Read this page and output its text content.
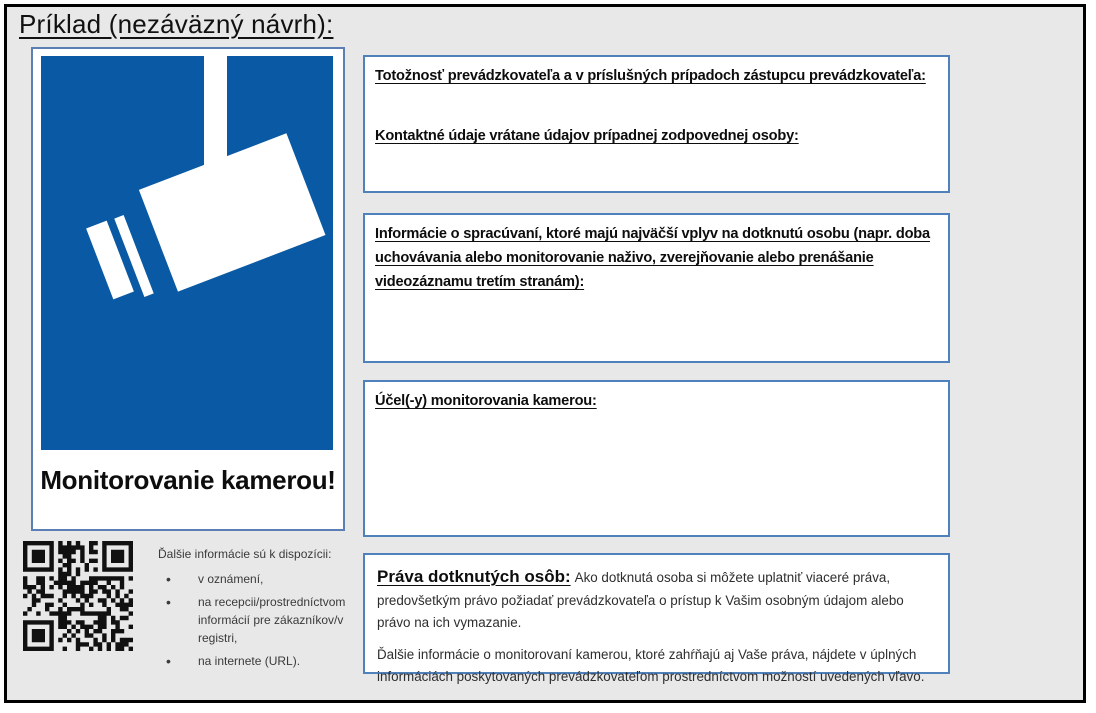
Príklad (nezáväzný návrh):
Monitorovanie kamerou!
Ďalšie informácie sú k dispozícii:
• v oznámení,
• na recepcii/prostredníctvom informácií pre zákazníkov/v registri,
• na internete (URL).
Totožnosť prevádzkovateľa a v príslušných prípadoch zástupcu prevádzkovateľa:
Kontaktné údaje vrátane údajov prípadnej zodpovednej osoby:
Informácie o spracúvaní, ktoré majú najväčší vplyv na dotknutú osobu (napr. doba uchovávania alebo monitorovanie naživo, zverejňovanie alebo prenášanie videozáznamu tretím stranám):
Účel(-y) monitorovania kamerou:

Práva dotknutých osôb: Ako dotknutá osoba si môžete uplatniť viaceré práva, predovšetkým právo požiadať prevádzkovateľa o prístup k Vašim osobným údajom alebo právo na ich vymazanie.

Ďalšie informácie o monitorovaní kamerou, ktoré zahŕňajú aj Vaše práva, nájdete v úplných informáciách poskytovaných prevádzkovateľom prostredníctvom možností uvedených vľavo.
